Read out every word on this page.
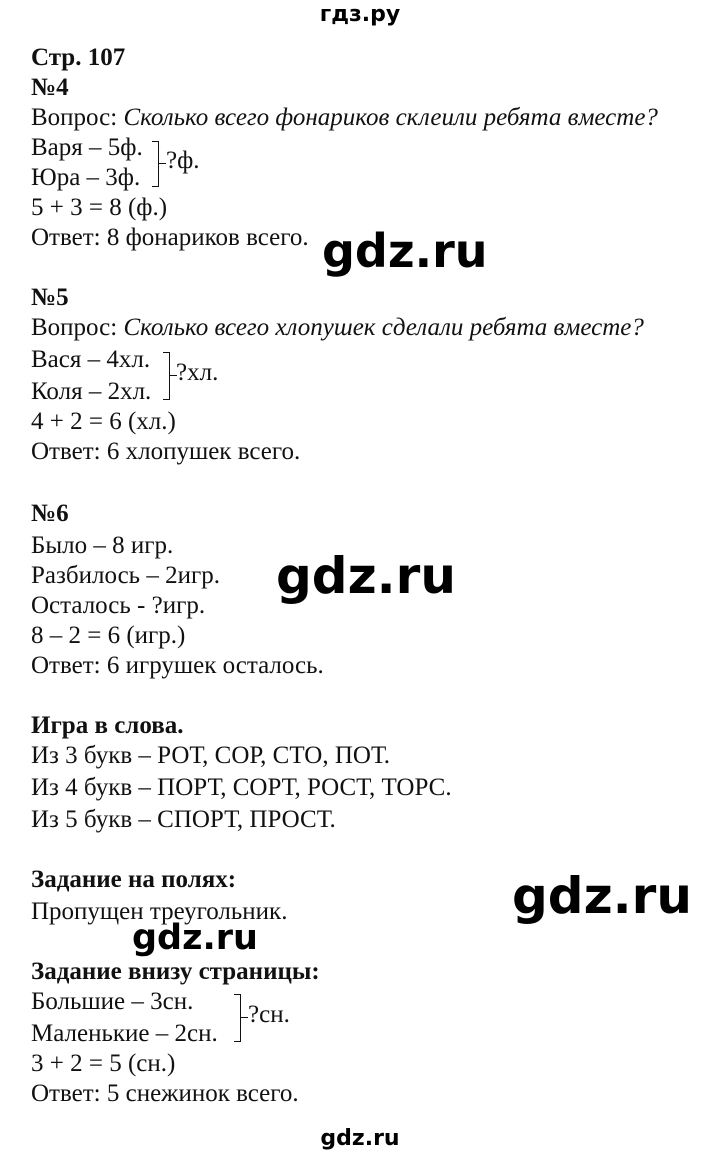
гдз.ру
Стр. 107
№4
Вопрос: Сколько всего фонариков склеили ребята вместе?
Варя – 5ф.
Юра – 3ф.
?ф.
5 + 3 = 8 (ф.)
Ответ: 8 фонариков всего.
№5
Вопрос: Сколько всего хлопушек сделали ребята вместе?
Вася – 4хл.
Коля – 2хл.
?хл.
4 + 2 = 6 (хл.)
Ответ: 6 хлопушек всего.
№6
Было – 8 игр.
Разбилось – 2игр.
Осталось - ?игр.
8 – 2 = 6 (игр.)
Ответ: 6 игрушек осталось.
Игра в слова.
Из 3 букв – РОТ, СОР, СТО, ПОТ.
Из 4 букв – ПОРТ, СОРТ, РОСТ, ТОРС.
Из 5 букв – СПОРТ, ПРОСТ.
Задание на полях:
Пропущен треугольник.
Задание внизу страницы:
Большие – 3сн.
Маленькие – 2сн.
?сн.
3 + 2 = 5 (сн.)
Ответ: 5 снежинок всего.
gdz.ru
gdz.ru
gdz.ru
gdz.ru
gdz.ru
